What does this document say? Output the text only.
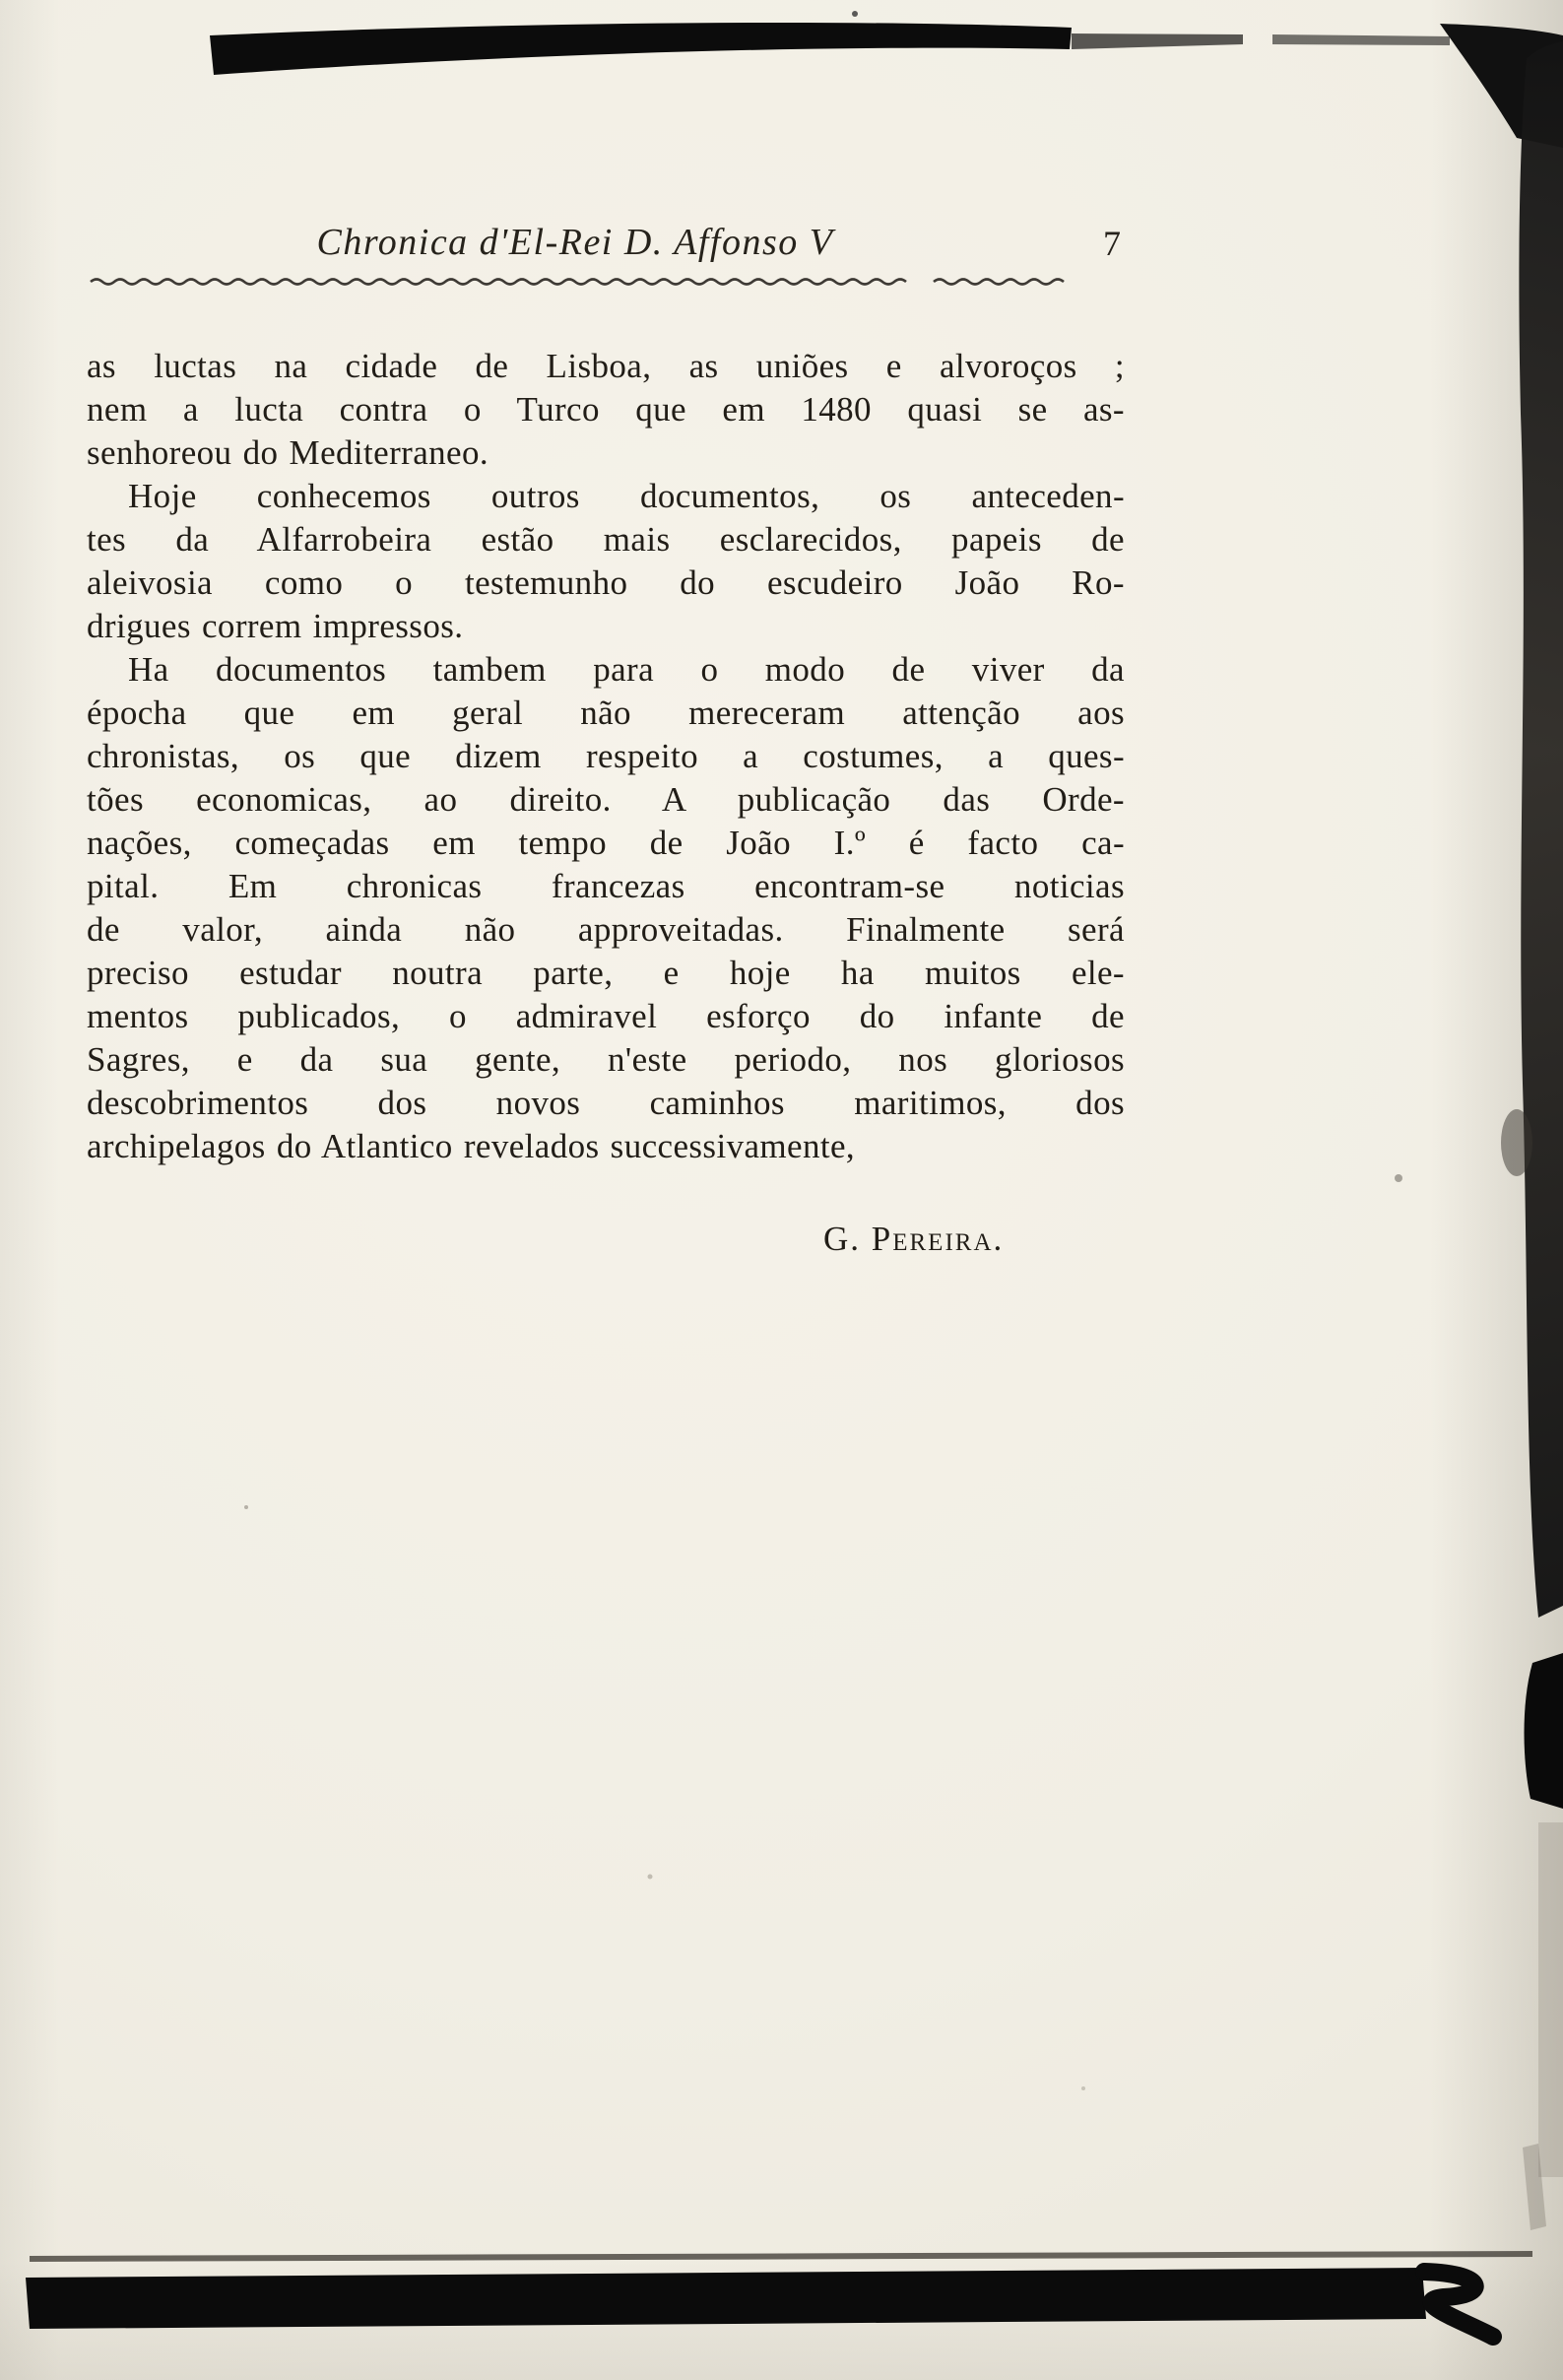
Chronica d'El-Rei D. Affonso V	7
as luctas na cidade de Lisboa, as uniões e alvoroços ;
nem a lucta contra o Turco que em 1480 quasi se as-
senhoreou do Mediterraneo.
Hoje conhecemos outros documentos, os anteceden-
tes da Alfarrobeira estão mais esclarecidos, papeis de
aleivosia como o testemunho do escudeiro João Ro-
drigues correm impressos.
Ha documentos tambem para o modo de viver da
épocha que em geral não mereceram attenção aos
chronistas, os que dizem respeito a costumes, a ques-
tões economicas, ao direito. A publicação das Orde-
nações, começadas em tempo de João I.º é facto ca-
pital. Em chronicas francezas encontram-se noticias
de valor, ainda não approveitadas. Finalmente será
preciso estudar noutra parte, e hoje ha muitos ele-
mentos publicados, o admiravel esforço do infante de
Sagres, e da sua gente, n'este periodo, nos gloriosos
descobrimentos dos novos caminhos maritimos, dos
archipelagos do Atlantico revelados successivamente,
G. Pereira.
